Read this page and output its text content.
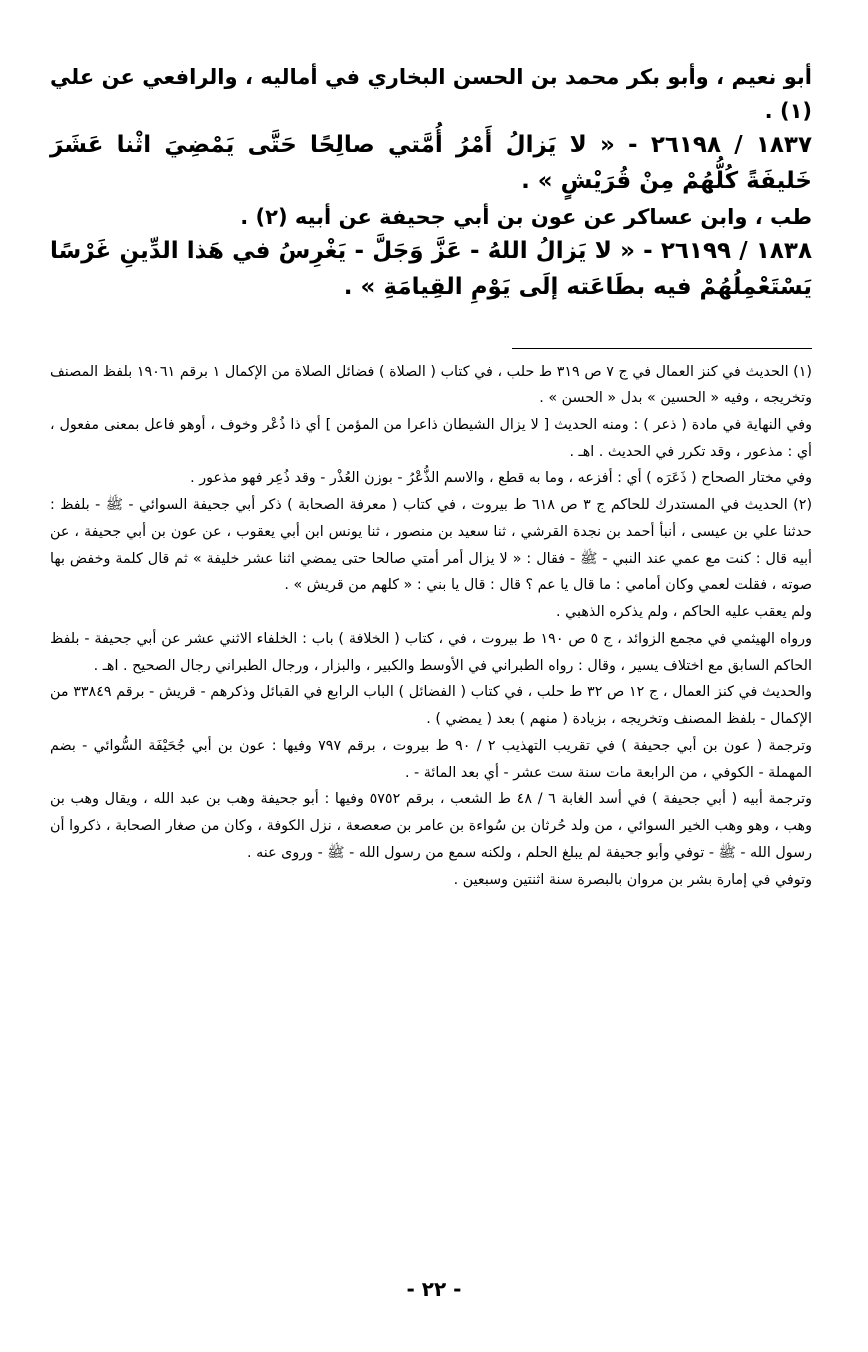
أبو نعيم ، وأبو بكر محمد بن الحسن البخاري في أماليه ، والرافعي عن علي (١) .

١٨٣٧ / ٢٦١٩٨ - « لا يَزالُ أَمْرُ أُمَّتي صالِحًا حَتَّى يَمْضِيَ اثْنا عَشَرَ خَليفَةً كُلُّهُمْ مِنْ قُرَيْشٍ » .

طب ، وابن عساكر عن عون بن أبي جحيفة عن أبيه (٢) .

١٨٣٨ / ٢٦١٩٩ - « لا يَزالُ اللهُ - عَزَّ وَجَلَّ - يَغْرِسُ في هَذا الدِّينِ غَرْسًا يَسْتَعْمِلُهُمْ فيه بطَاعَته إلَى يَوْمِ القِيامَةِ » .

(١) الحديث في كنز العمال في ج ٧ ص ٣١٩ ط حلب ، في كتاب ( الصلاة ) فضائل الصلاة من الإكمال ١ برقم ١٩٠٦١ بلفظ المصنف وتخريجه ، وفيه « الحسين » بدل « الحسن » .

وفي النهاية في مادة ( ذعر ) : ومنه الحديث [ لا يزال الشيطان ذاعرا من المؤمن ] أي ذا ذُعْر وخوف ، أوهو فاعل بمعنى مفعول ، أي : مذعور ، وقد تكرر في الحديث . اهـ .

وفي مختار الصحاح ( ذَعَرَه ) أي : أفزعه ، وما به قطع ، والاسم الذُّعْرُ - بوزن العُذْر - وقد ذُعِر فهو مذعور .

(٢) الحديث في المستدرك للحاكم ج ٣ ص ٦١٨ ط بيروت ، في كتاب ( معرفة الصحابة ) ذكر أبي جحيفة السوائي - ﷺ - بلفظ : حدثنا علي بن عيسى ، أنبأ أحمد بن نجدة القرشي ، ثنا سعيد بن منصور ، ثنا يونس ابن أبي يعقوب ، عن عون بن أبي جحيفة ، عن أبيه قال : كنت مع عمي عند النبي - ﷺ - فقال : « لا يزال أمر أمتي صالحا حتى يمضي اثنا عشر خليفة » ثم قال كلمة وخفض بها صوته ، فقلت لعمي وكان أمامي : ما قال يا عم ؟ قال : قال يا بني : « كلهم من قريش » .

ولم يعقب عليه الحاكم ، ولم يذكره الذهبي .

ورواه الهيثمي في مجمع الزوائد ، ج ٥ ص ١٩٠ ط بيروت ، في ، كتاب ( الخلافة ) باب : الخلفاء الاثني عشر عن أبي جحيفة - بلفظ الحاكم السابق مع اختلاف يسير ، وقال : رواه الطبراني في الأوسط والكبير ، والبزار ، ورجال الطبراني رجال الصحيح . اهـ .

والحديث في كنز العمال ، ج ١٢ ص ٣٢ ط حلب ، في كتاب ( الفضائل ) الباب الرابع في القبائل وذكرهم - قريش - برقم ٣٣٨٤٩ من الإكمال - بلفظ المصنف وتخريجه ، بزيادة ( منهم ) بعد ( يمضي ) .

وترجمة ( عون بن أبي جحيفة ) في تقريب التهذيب ٢ / ٩٠ ط بيروت ، برقم ٧٩٧ وفيها : عون بن أبي جُحَيْفَة السُّوائي - بضم المهملة - الكوفي ، من الرابعة مات سنة ست عشر - أي بعد المائة - .

وترجمة أبيه ( أبي جحيفة ) في أسد الغابة ٦ / ٤٨ ط الشعب ، برقم ٥٧٥٢ وفيها : أبو جحيفة وهب بن عبد الله ، ويقال وهب بن وهب ، وهو وهب الخير السوائي ، من ولد حُرثان بن سُواءة بن عامر بن صعصعة ، نزل الكوفة ، وكان من صغار الصحابة ، ذكروا أن رسول الله - ﷺ - توفي وأبو جحيفة لم يبلغ الحلم ، ولكنه سمع من رسول الله - ﷺ - وروى عنه .

وتوفي في إمارة بشر بن مروان بالبصرة سنة اثنتين وسبعين .

- ٢٢ -
